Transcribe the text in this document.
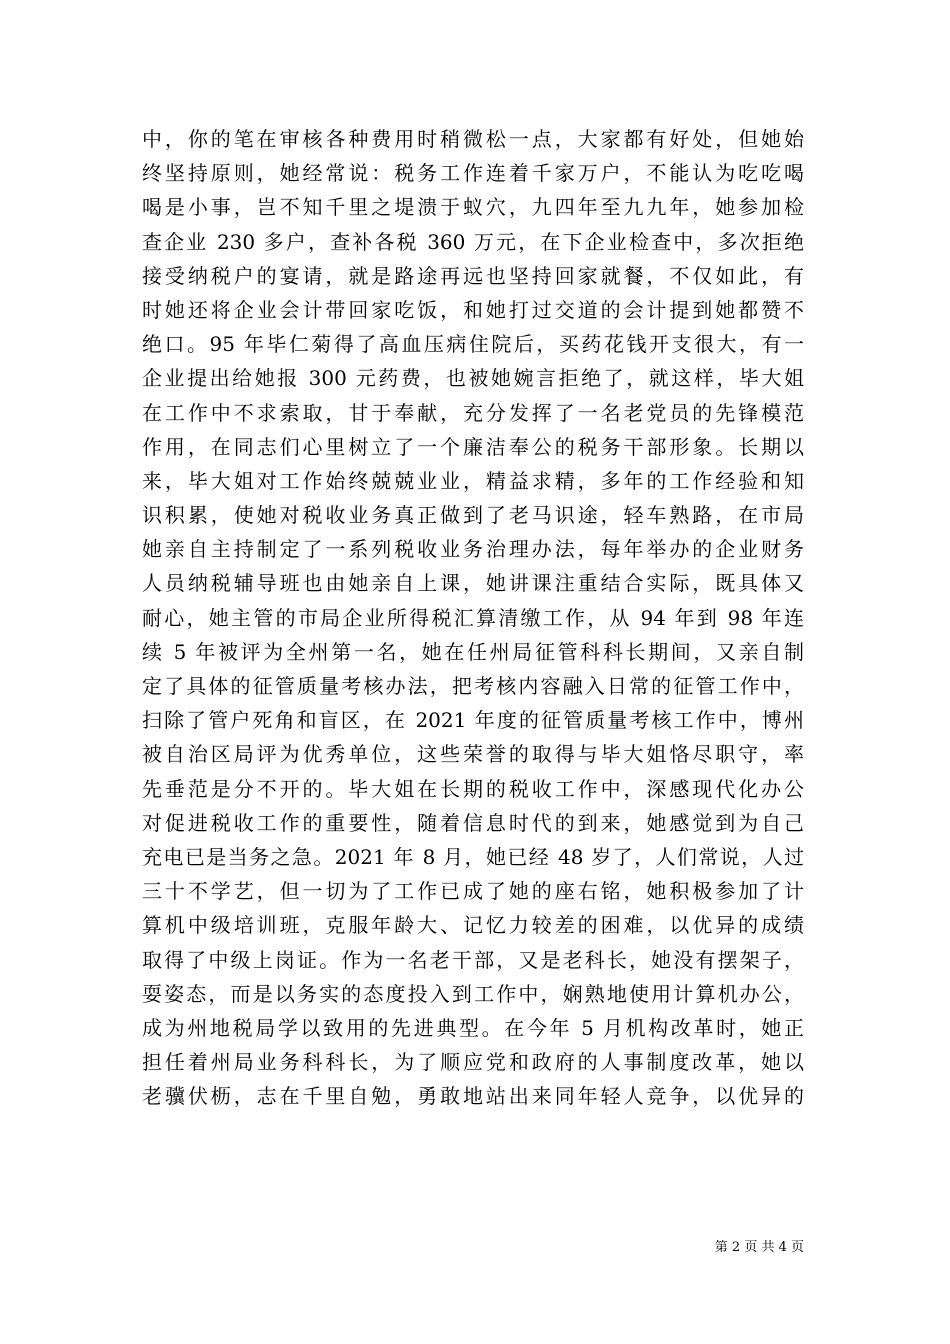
中，你的笔在审核各种费用时稍微松一点，大家都有好处，但她始
终坚持原则，她经常说：税务工作连着千家万户，不能认为吃吃喝
喝是小事，岂不知千里之堤溃于蚁穴，九四年至九九年，她参加检
查企业 230 多户，查补各税 360 万元，在下企业检查中，多次拒绝
接受纳税户的宴请，就是路途再远也坚持回家就餐，不仅如此，有
时她还将企业会计带回家吃饭，和她打过交道的会计提到她都赞不
绝口。95 年毕仁菊得了高血压病住院后，买药花钱开支很大，有一
企业提出给她报 300 元药费，也被她婉言拒绝了，就这样，毕大姐
在工作中不求索取，甘于奉献，充分发挥了一名老党员的先锋模范
作用，在同志们心里树立了一个廉洁奉公的税务干部形象。长期以
来，毕大姐对工作始终兢兢业业，精益求精，多年的工作经验和知
识积累，使她对税收业务真正做到了老马识途，轻车熟路，在市局
她亲自主持制定了一系列税收业务治理办法，每年举办的企业财务
人员纳税辅导班也由她亲自上课，她讲课注重结合实际，既具体又
耐心，她主管的市局企业所得税汇算清缴工作，从 94 年到 98 年连
续 5 年被评为全州第一名，她在任州局征管科科长期间，又亲自制
定了具体的征管质量考核办法，把考核内容融入日常的征管工作中，
扫除了管户死角和盲区，在 2021 年度的征管质量考核工作中，博州
被自治区局评为优秀单位，这些荣誉的取得与毕大姐恪尽职守，率
先垂范是分不开的。毕大姐在长期的税收工作中，深感现代化办公
对促进税收工作的重要性，随着信息时代的到来，她感觉到为自己
充电已是当务之急。2021 年 8 月，她已经 48 岁了，人们常说，人过
三十不学艺，但一切为了工作已成了她的座右铭，她积极参加了计
算机中级培训班，克服年龄大、记忆力较差的困难，以优异的成绩
取得了中级上岗证。作为一名老干部，又是老科长，她没有摆架子，
耍姿态，而是以务实的态度投入到工作中，娴熟地使用计算机办公，
成为州地税局学以致用的先进典型。在今年 5 月机构改革时，她正
担任着州局业务科科长，为了顺应党和政府的人事制度改革，她以
老骥伏枥，志在千里自勉，勇敢地站出来同年轻人竞争，以优异的
第 2 页 共 4 页
